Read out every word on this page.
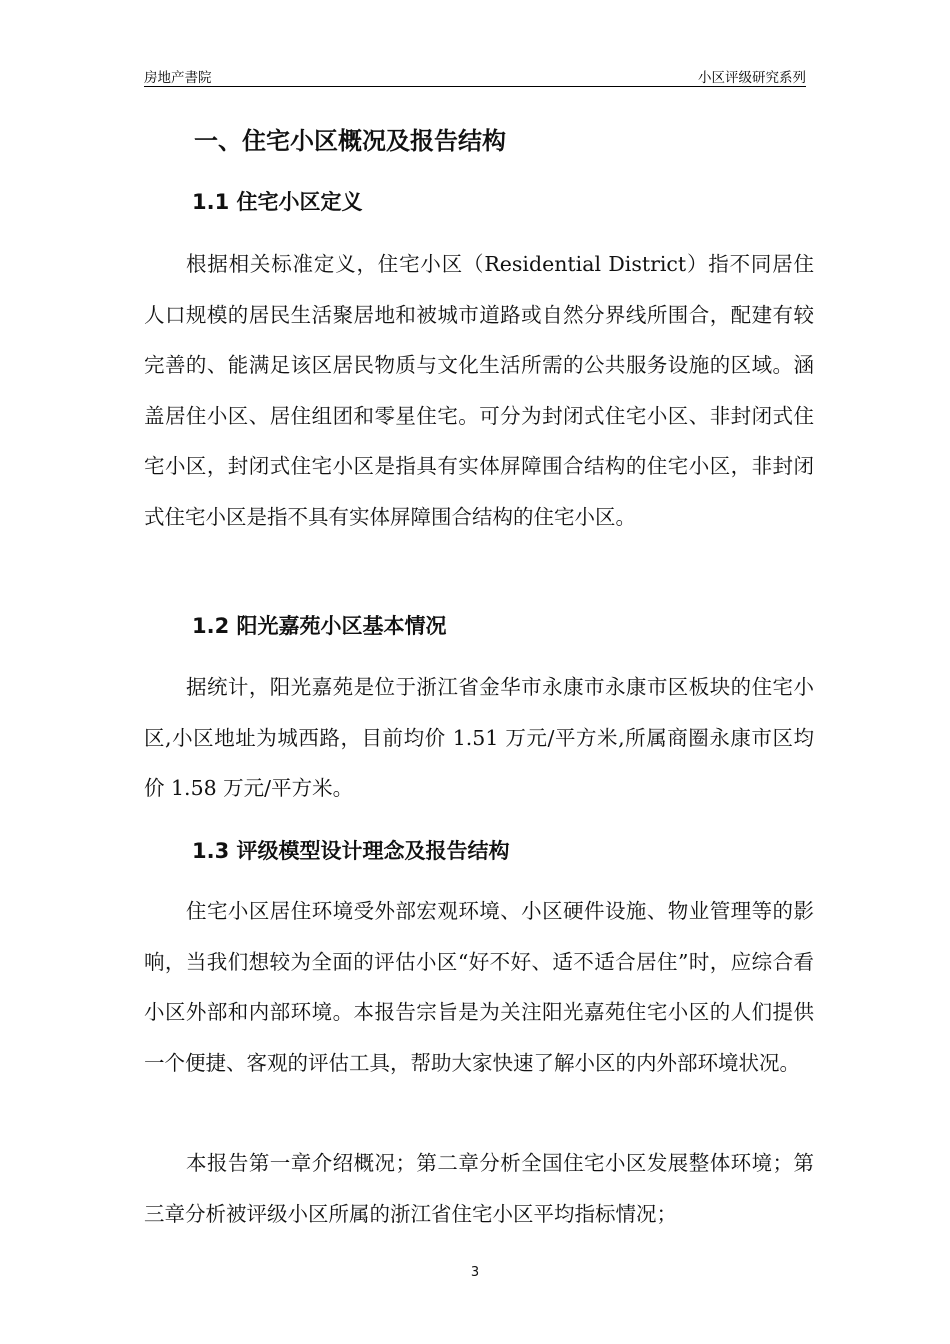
房地产書院	小区评级研究系列
一、住宅小区概况及报告结构
1.1 住宅小区定义

根据相关标准定义，住宅小区（Residential District）指不同居住人口规模的居民生活聚居地和被城市道路或自然分界线所围合，配建有较完善的、能满足该区居民物质与文化生活所需的公共服务设施的区域。涵盖居住小区、居住组团和零星住宅。可分为封闭式住宅小区、非封闭式住宅小区，封闭式住宅小区是指具有实体屏障围合结构的住宅小区，非封闭式住宅小区是指不具有实体屏障围合结构的住宅小区。

1.2 阳光嘉苑小区基本情况

据统计，阳光嘉苑是位于浙江省金华市永康市永康市区板块的住宅小区,小区地址为城西路，目前均价 1.51 万元/平方米,所属商圈永康市区均价 1.58 万元/平方米。

1.3 评级模型设计理念及报告结构

住宅小区居住环境受外部宏观环境、小区硬件设施、物业管理等的影响，当我们想较为全面的评估小区“好不好、适不适合居住”时，应综合看小区外部和内部环境。本报告宗旨是为关注阳光嘉苑住宅小区的人们提供一个便捷、客观的评估工具，帮助大家快速了解小区的内外部环境状况。

本报告第一章介绍概况；第二章分析全国住宅小区发展整体环境；第三章分析被评级小区所属的浙江省住宅小区平均指标情况；

3
